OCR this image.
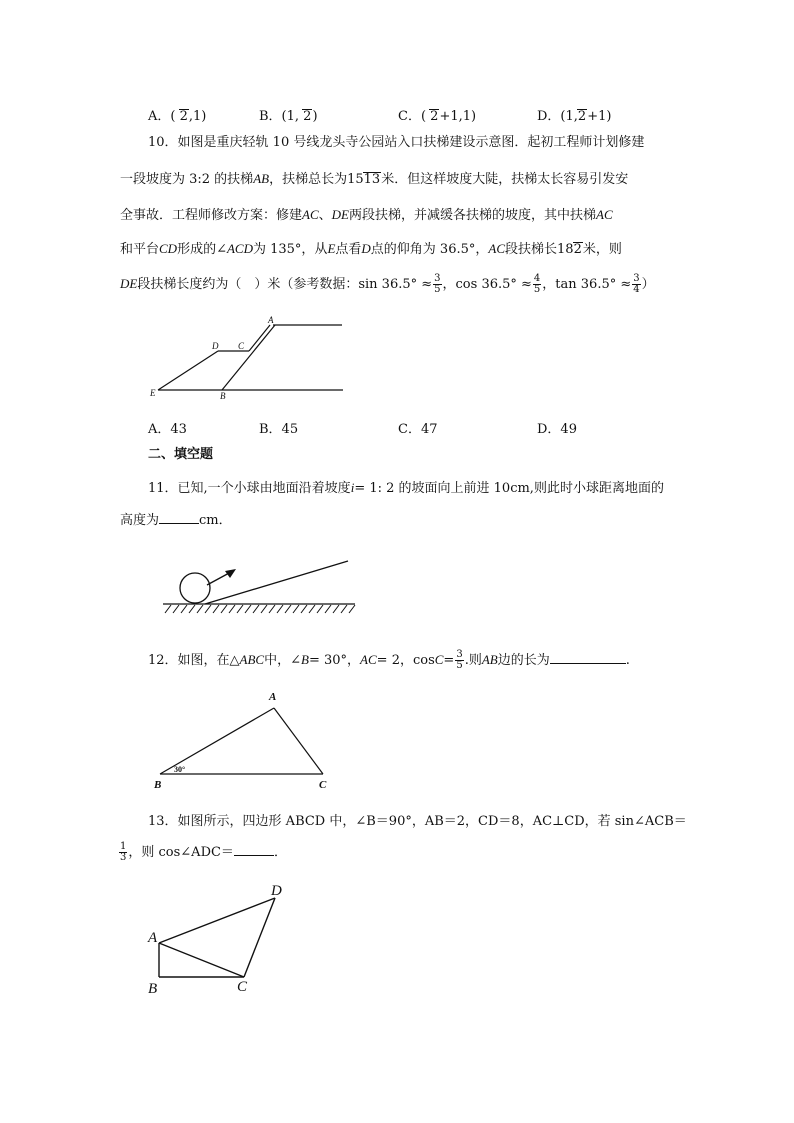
A．( 2,1)	B．(1, 2)	C．( 2+1,1)	D．(1,2+1)
10．如图是重庆轻轨 10 号线龙头寺公园站入口扶梯建设示意图．起初工程师计划修建
一段坡度为 3:2 的扶梯AB，扶梯总长为1513米．但这样坡度大陡，扶梯太长容易引发安
全事故．工程师修改方案：修建AC、DE两段扶梯，并减缓各扶梯的坡度，其中扶梯AC
和平台CD形成的∠ACD为 135°，从E点看D点的仰角为 36.5°，AC段扶梯长182米，则
DE段扶梯长度约为（　）米（参考数据：$\sin 36.5^\circ \approx \frac{3}{5}$ ，$\cos 36.5^\circ \approx \frac{4}{5}$ ，$\tan 36.5^\circ \approx \frac{3}{4}$ ）
A
B
C
D
E
A．43	B．45	C．47	D．49
二、填空题
11．已知,一个小球由地面沿着坡度i= 1: 2 的坡面向上前进 10cm,则此时小球距离地面的
高度为	cm．
12．如图，在△ABC中，∠B= 30°，AC= 2，$\cos C= \frac{3}{5}$ .则AB边的长为	.
A
B	C
30°
13．如图所示，四边形 ABCD 中，∠B＝90°，AB＝2，CD＝8，AC⊥CD，若 sin∠ACB＝
$\frac{1}{3}$ ，则 cos∠ADC＝	．
A
B	C
D
